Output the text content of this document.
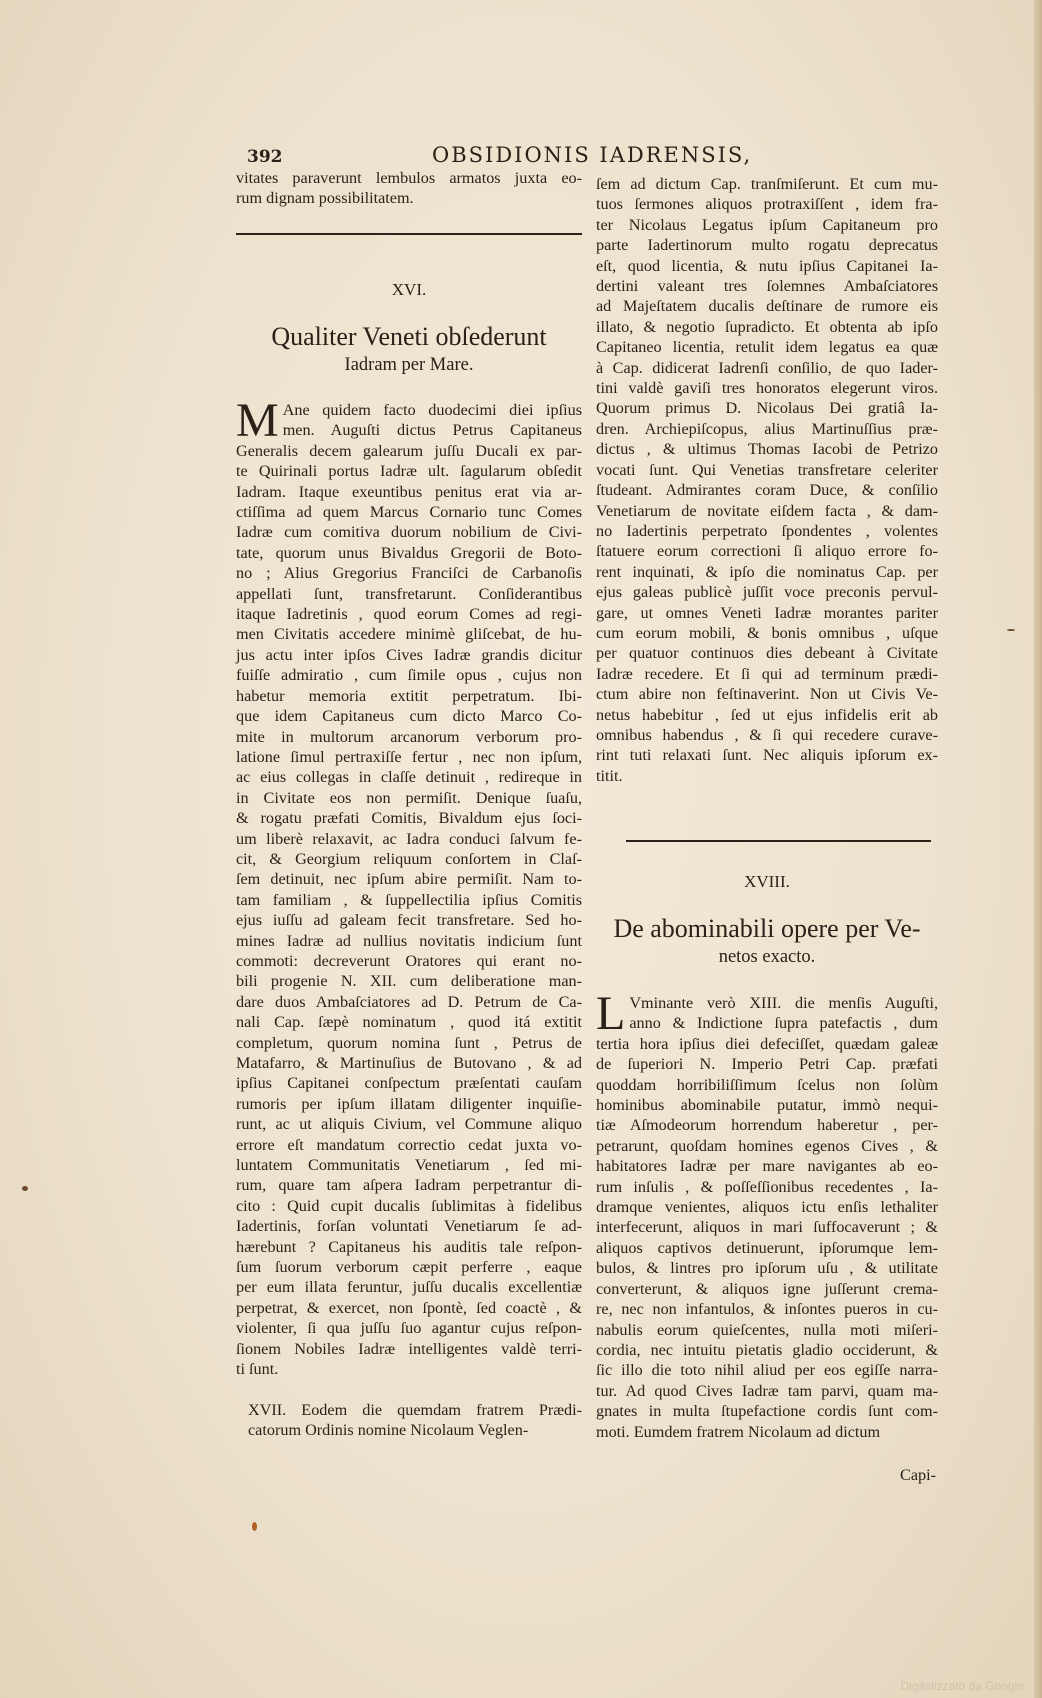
392	OBSIDIONIS IADRENSIS,
vitates paraverunt lembulos armatos juxta eo-
rum dignam possibilitatem.
XVI.
Qualiter Veneti obſederunt
Iadram per Mare.
M Ane quidem facto duodecimi diei ipſius
men. Auguſti dictus Petrus Capitaneus
Generalis decem galearum juſſu Ducali ex par-
te Quirinali portus Iadræ ult. ſagularum obſedit
Iadram. Itaque exeuntibus penitus erat via ar-
ctiſſima ad quem Marcus Cornario tunc Comes
Iadræ cum comitiva duorum nobilium de Civi-
tate, quorum unus Bivaldus Gregorii de Boto-
no ; Alius Gregorius Franciſci de Carbanoſis
appellati ſunt, transfretarunt. Conſiderantibus
itaque Iadretinis , quod eorum Comes ad regi-
men Civitatis accedere minimè gliſcebat, de hu-
jus actu inter ipſos Cives Iadræ grandis dicitur
fuiſſe admiratio , cum ſimile opus , cujus non
habetur memoria extitit perpetratum. Ibi-
que idem Capitaneus cum dicto Marco Co-
mite in multorum arcanorum verborum pro-
latione ſimul pertraxiſſe fertur , nec non ipſum,
ac eius collegas in claſſe detinuit , redireque in
in Civitate eos non permiſit. Denique ſuaſu,
& rogatu præfati Comitis, Bivaldum ejus ſoci-
um liberè relaxavit, ac Iadra conduci ſalvum fe-
cit, & Georgium reliquum conſortem in Claſ-
ſem detinuit, nec ipſum abire permiſit. Nam to-
tam familiam , & ſuppellectilia ipſius Comitis
ejus iuſſu ad galeam fecit transfretare. Sed ho-
mines Iadræ ad nullius novitatis indicium ſunt
commoti: decreverunt Oratores qui erant no-
bili progenie N. XII. cum deliberatione man-
dare duos Ambaſciatores ad D. Petrum de Ca-
nali Cap. ſæpè nominatum , quod itá extitit
completum, quorum nomina ſunt , Petrus de
Matafarro, & Martinuſius de Butovano , & ad
ipſius Capitanei conſpectum præſentati cauſam
rumoris per ipſum illatam diligenter inquiſie-
runt, ac ut aliquis Civium, vel Commune aliquo
errore eſt mandatum correctio cedat juxta vo-
luntatem Communitatis Venetiarum , ſed mi-
rum, quare tam aſpera Iadram perpetrantur di-
cito : Quid cupit ducalis ſublimitas à fidelibus
Iadertinis, forſan voluntati Venetiarum ſe ad-
hærebunt ? Capitaneus his auditis tale reſpon-
ſum ſuorum verborum cæpit perferre , eaque
per eum illata feruntur, juſſu ducalis excellentiæ
perpetrat, & exercet, non ſpontè, ſed coactè , &
violenter, ſi qua juſſu ſuo agantur cujus reſpon-
ſionem Nobiles Iadræ intelligentes valdè terri-
ti ſunt.
XVII. Eodem die quemdam fratrem Prædi-
catorum Ordinis nomine Nicolaum Veglen-
ſem ad dictum Cap. tranſmiſerunt. Et cum mu-
tuos ſermones aliquos protraxiſſent , idem fra-
ter Nicolaus Legatus ipſum Capitaneum pro
parte Iadertinorum multo rogatu deprecatus
eſt, quod licentia, & nutu ipſius Capitanei Ia-
dertini valeant tres ſolemnes Ambaſciatores
ad Majeſtatem ducalis deſtinare de rumore eis
illato, & negotio ſupradicto. Et obtenta ab ipſo
Capitaneo licentia, retulit idem legatus ea quæ
à Cap. didicerat Iadrenſi conſilio, de quo Iader-
tini valdè gaviſi tres honoratos elegerunt viros.
Quorum primus D. Nicolaus Dei gratiâ Ia-
dren. Archiepiſcopus, alius Martinuſſius præ-
dictus , & ultimus Thomas Iacobi de Petrizo
vocati ſunt. Qui Venetias transfretare celeriter
ſtudeant. Admirantes coram Duce, & conſilio
Venetiarum de novitate eiſdem facta , & dam-
no Iadertinis perpetrato ſpondentes , volentes
ſtatuere eorum correctioni ſi aliquo errore fo-
rent inquinati, & ipſo die nominatus Cap. per
ejus galeas publicè juſſit voce preconis pervul-
gare, ut omnes Veneti Iadræ morantes pariter
cum eorum mobili, & bonis omnibus , uſque
per quatuor continuos dies debeant à Civitate
Iadræ recedere. Et ſi qui ad terminum prædi-
ctum abire non feſtinaverint. Non ut Civis Ve-
netus habebitur , ſed ut ejus infidelis erit ab
omnibus habendus , & ſi qui recedere curave-
rint tuti relaxati ſunt. Nec aliquis ipſorum ex-
titit.
XVIII.
De abominabili opere per Ve-
netos exacto.
L Vminante verò XIII. die menſis Auguſti,
anno & Indictione ſupra patefactis , dum
tertia hora ipſius diei defeciſſet, quædam galeæ
de ſuperiori N. Imperio Petri Cap. præfati
quoddam horribiliſſimum ſcelus non ſolùm
hominibus abominabile putatur, immò nequi-
tiæ Aſmodeorum horrendum haberetur , per-
petrarunt, quoſdam homines egenos Cives , &
habitatores Iadræ per mare navigantes ab eo-
rum inſulis , & poſſeſſionibus recedentes , Ia-
dramque venientes, aliquos ictu enſis lethaliter
interfecerunt, aliquos in mari ſuffocaverunt ; &
aliquos captivos detinuerunt, ipſorumque lem-
bulos, & lintres pro ipſorum uſu , & utilitate
converterunt, & aliquos igne juſſerunt crema-
re, nec non infantulos, & inſontes pueros in cu-
nabulis eorum quieſcentes, nulla moti miſeri-
cordia, nec intuitu pietatis gladio occiderunt, &
ſic illo die toto nihil aliud per eos egiſſe narra-
tur. Ad quod Cives Iadræ tam parvi, quam ma-
gnates in multa ſtupefactione cordis ſunt com-
moti. Eumdem fratrem Nicolaum ad dictum
Capi-
Digitalizzato da Google
